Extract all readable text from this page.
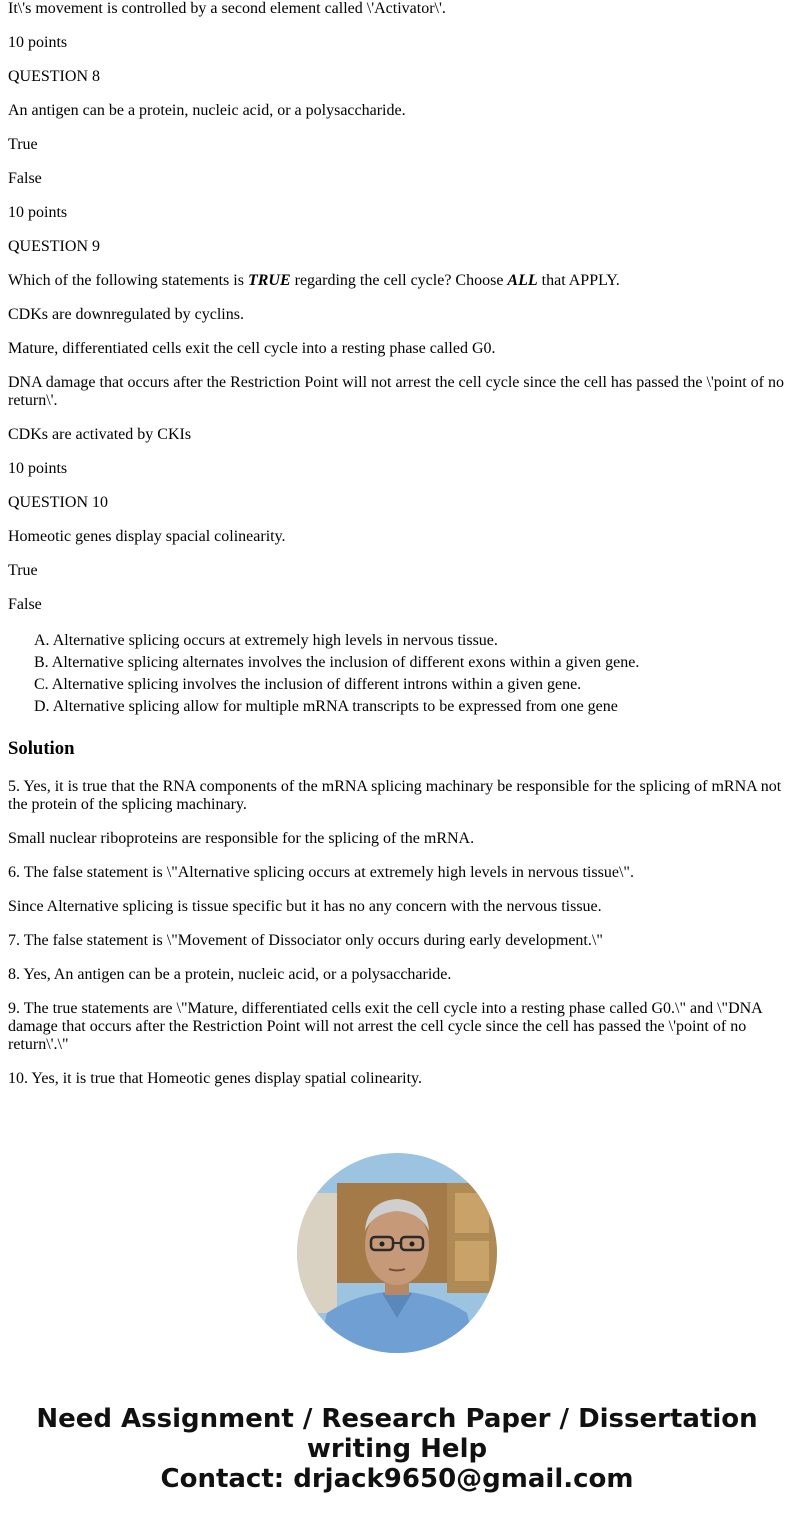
It\'s movement is controlled by a second element called \'Activator\'.

10 points

QUESTION 8

An antigen can be a protein, nucleic acid, or a polysaccharide.

True

False

10 points

QUESTION 9

Which of the following statements is TRUE regarding the cell cycle? Choose ALL that APPLY.

CDKs are downregulated by cyclins.

Mature, differentiated cells exit the cell cycle into a resting phase called G0.

DNA damage that occurs after the Restriction Point will not arrest the cell cycle since the cell has passed the \'point of no return\'.

CDKs are activated by CKIs

10 points

QUESTION 10

Homeotic genes display spacial colinearity.

True

False

A. Alternative splicing occurs at extremely high levels in nervous tissue.
B. Alternative splicing alternates involves the inclusion of different exons within a given gene.
C. Alternative splicing involves the inclusion of different introns within a given gene.
D. Alternative splicing allow for multiple mRNA transcripts to be expressed from one gene
Solution

5. Yes, it is true that the RNA components of the mRNA splicing machinary be responsible for the splicing of mRNA not the protein of the splicing machinary.

Small nuclear riboproteins are responsible for the splicing of the mRNA.

6. The false statement is \"Alternative splicing occurs at extremely high levels in nervous tissue\".

Since Alternative splicing is tissue specific but it has no any concern with the nervous tissue.

7. The false statement is \"Movement of Dissociator only occurs during early development.\"

8. Yes, An antigen can be a protein, nucleic acid, or a polysaccharide.

9. The true statements are \"Mature, differentiated cells exit the cell cycle into a resting phase called G0.\" and \"DNA damage that occurs after the Restriction Point will not arrest the cell cycle since the cell has passed the \'point of no return\'.\"

10. Yes, it is true that Homeotic genes display spatial colinearity.

Need Assignment / Research Paper / Dissertation
writing Help
Contact: drjack9650@gmail.com
